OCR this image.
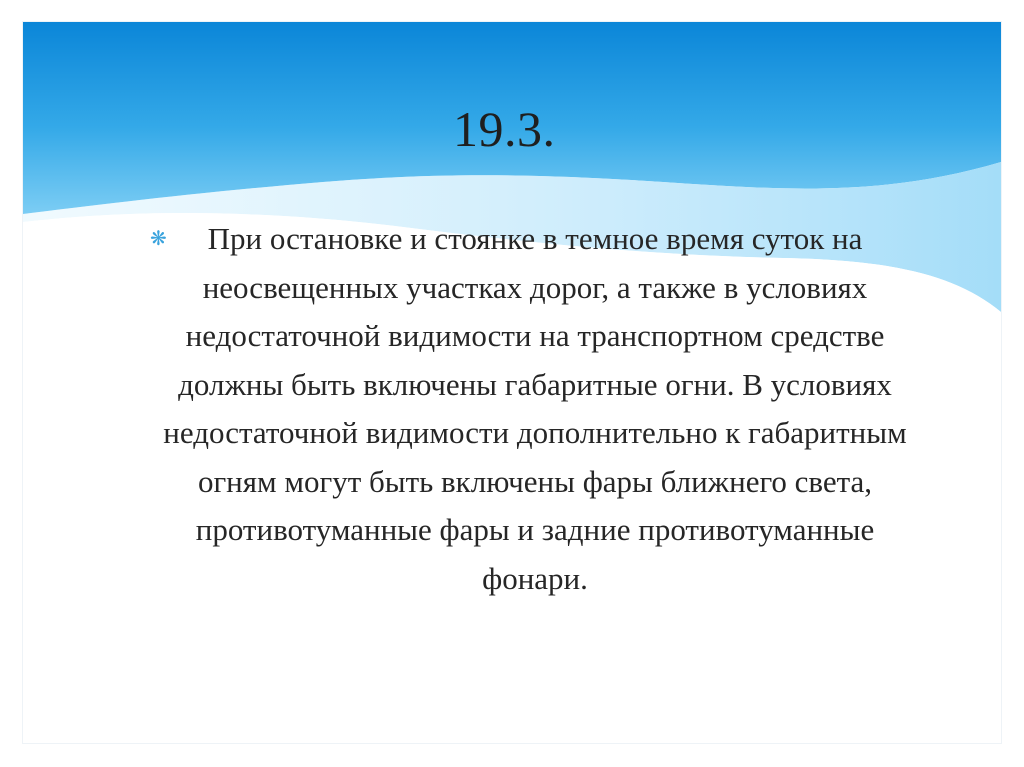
19.3.
❋	При остановке и стоянке в темное время суток на неосвещенных участках дорог, а также в условиях недостаточной видимости на транспортном средстве должны быть включены габаритные огни. В условиях недостаточной видимости дополнительно к габаритным огням могут быть включены фары ближнего света, противотуманные фары и задние противотуманные фонари.
